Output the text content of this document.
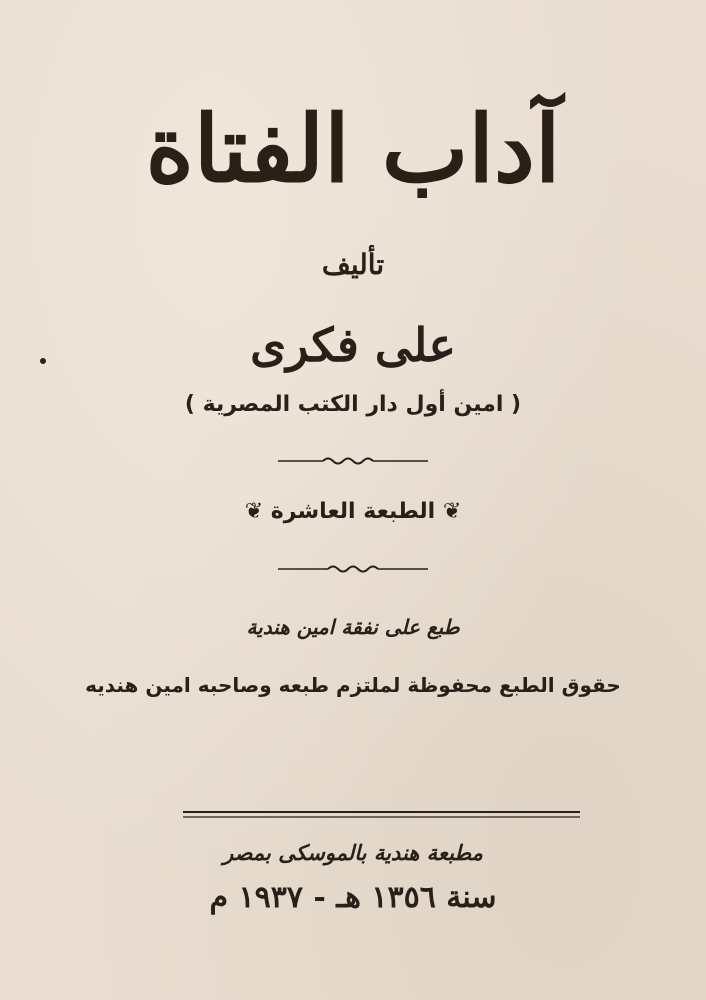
آداب الفتاة
تأليف
على فكرى
( امين أول دار الكتب المصرية )
❦ الطبعة العاشرة ❦
طبع على نفقة امين هندية
حقوق الطبع محفوظة لملتزم طبعه وصاحبه امين هنديه
مطبعة هندية بالموسكى بمصر
سنة ١٣٥٦ هـ - ١٩٣٧ م
